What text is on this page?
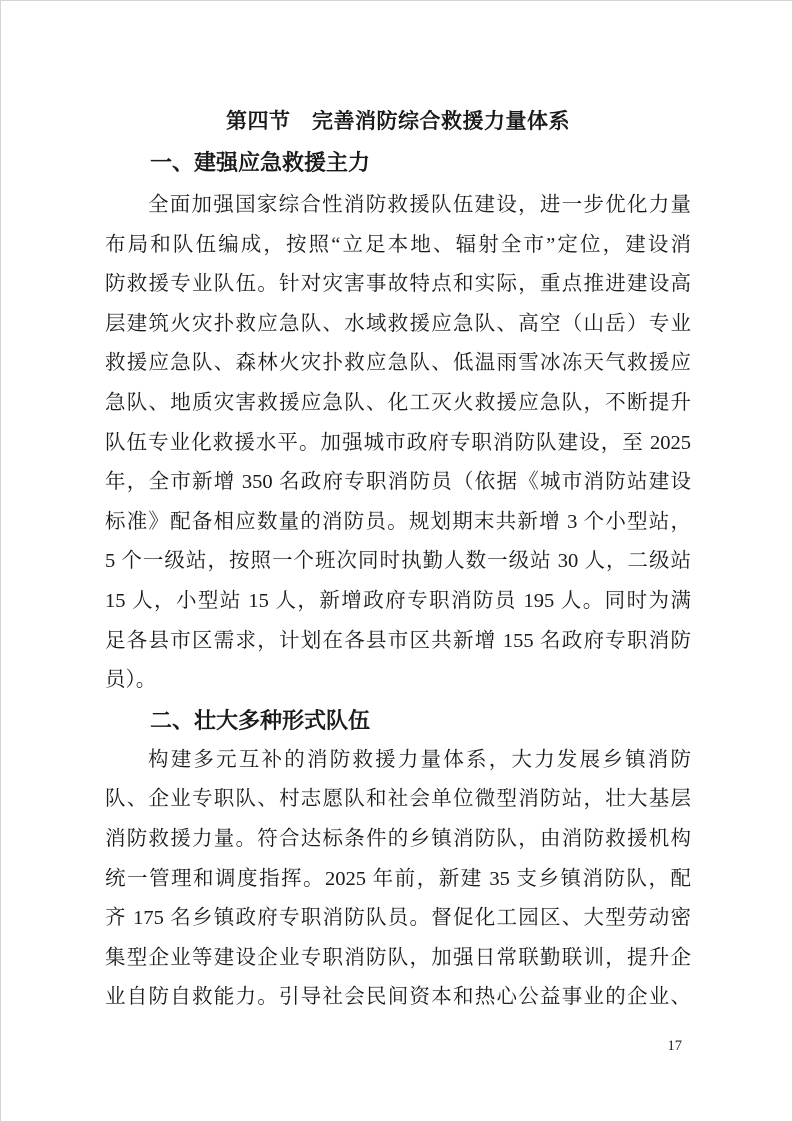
第四节　完善消防综合救援力量体系
一、建强应急救援主力
全面加强国家综合性消防救援队伍建设，进一步优化力量
布局和队伍编成，按照“立足本地、辐射全市”定位，建设消
防救援专业队伍。针对灾害事故特点和实际，重点推进建设高
层建筑火灾扑救应急队、水域救援应急队、高空（山岳）专业
救援应急队、森林火灾扑救应急队、低温雨雪冰冻天气救援应
急队、地质灾害救援应急队、化工灭火救援应急队，不断提升
队伍专业化救援水平。加强城市政府专职消防队建设，至 2025
年，全市新增 350 名政府专职消防员（依据《城市消防站建设
标准》配备相应数量的消防员。规划期末共新增 3 个小型站，
5 个一级站，按照一个班次同时执勤人数一级站 30 人，二级站
15 人，小型站 15 人，新增政府专职消防员 195 人。同时为满
足各县市区需求，计划在各县市区共新增 155 名政府专职消防
员）。
二、壮大多种形式队伍
构建多元互补的消防救援力量体系，大力发展乡镇消防
队、企业专职队、村志愿队和社会单位微型消防站，壮大基层
消防救援力量。符合达标条件的乡镇消防队，由消防救援机构
统一管理和调度指挥。2025 年前，新建 35 支乡镇消防队，配
齐 175 名乡镇政府专职消防队员。督促化工园区、大型劳动密
集型企业等建设企业专职消防队，加强日常联勤联训，提升企
业自防自救能力。引导社会民间资本和热心公益事业的企业、
17
